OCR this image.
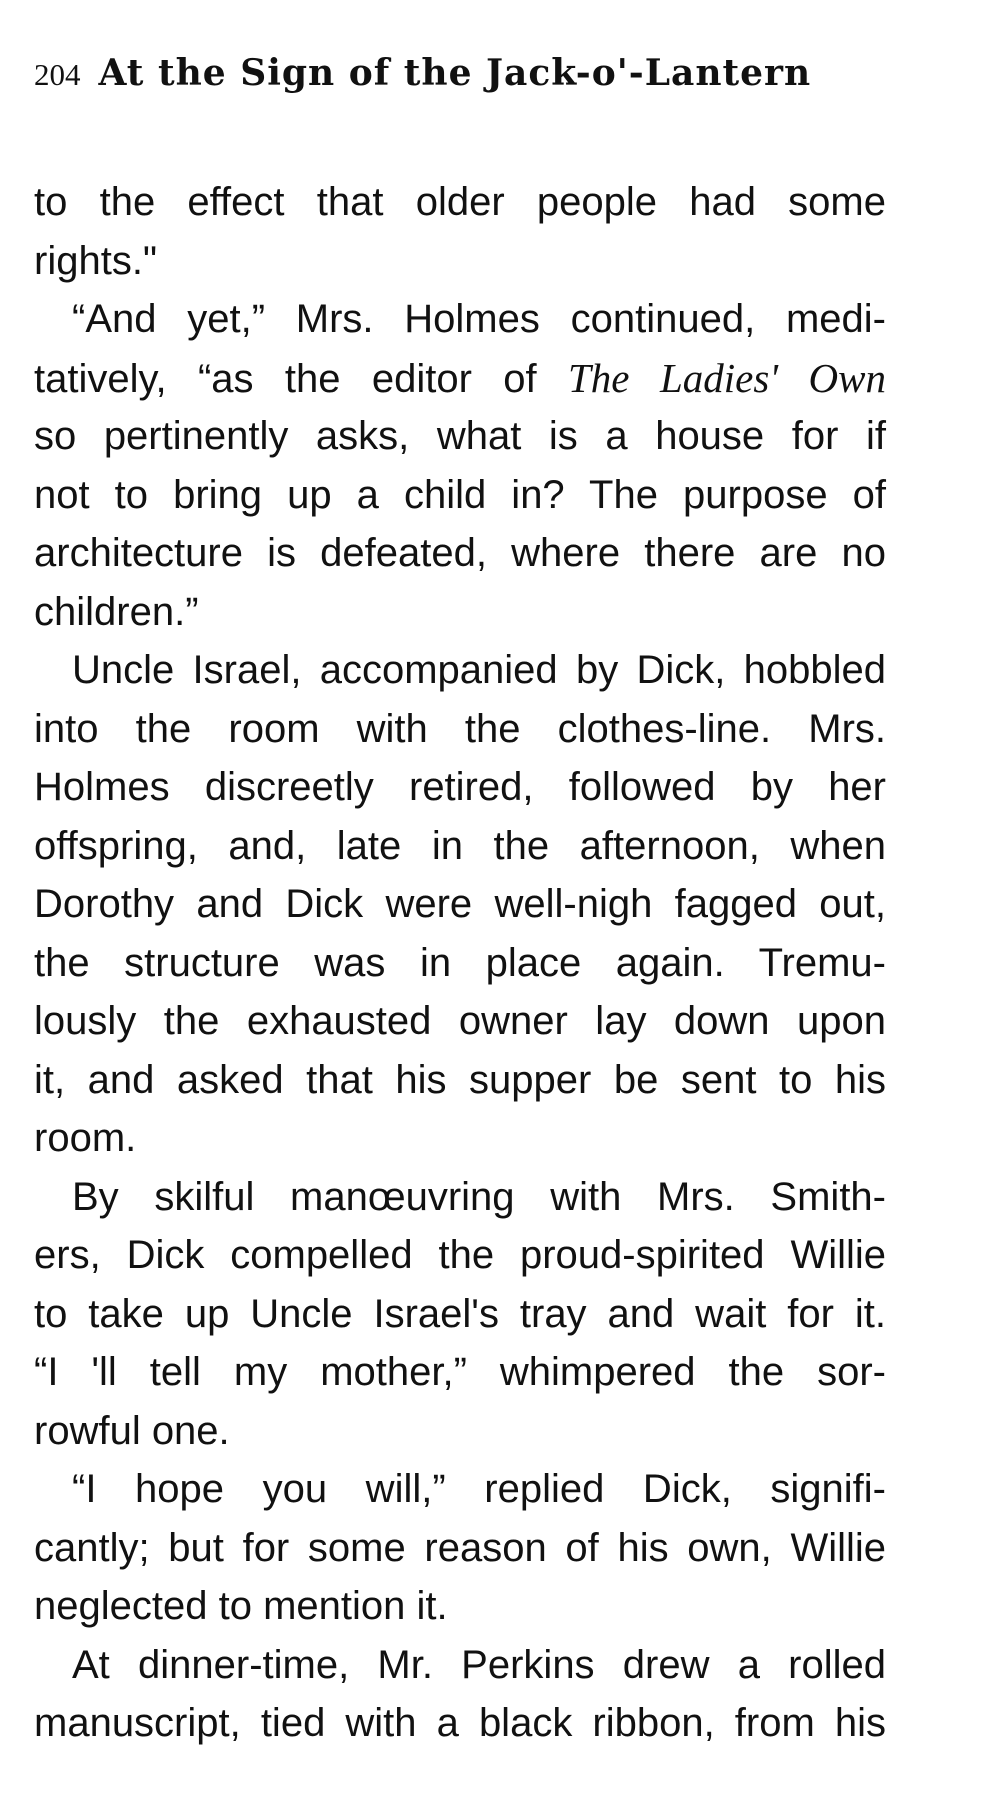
204 At the Sign of the Jack-o'-Lantern
to the effect that older people had some
rights."
“And yet,” Mrs. Holmes continued, medi-
tatively, “as the editor of The Ladies' Own
so pertinently asks, what is a house for if
not to bring up a child in? The purpose of
architecture is defeated, where there are no
children.”
Uncle Israel, accompanied by Dick, hobbled
into the room with the clothes-line. Mrs.
Holmes discreetly retired, followed by her
offspring, and, late in the afternoon, when
Dorothy and Dick were well-nigh fagged out,
the structure was in place again. Tremu-
lously the exhausted owner lay down upon
it, and asked that his supper be sent to his
room.
By skilful manœuvring with Mrs. Smith-
ers, Dick compelled the proud-spirited Willie
to take up Uncle Israel's tray and wait for it.
“I 'll tell my mother,” whimpered the sor-
rowful one.
“I hope you will,” replied Dick, signifi-
cantly; but for some reason of his own, Willie
neglected to mention it.
At dinner-time, Mr. Perkins drew a rolled
manuscript, tied with a black ribbon, from his
